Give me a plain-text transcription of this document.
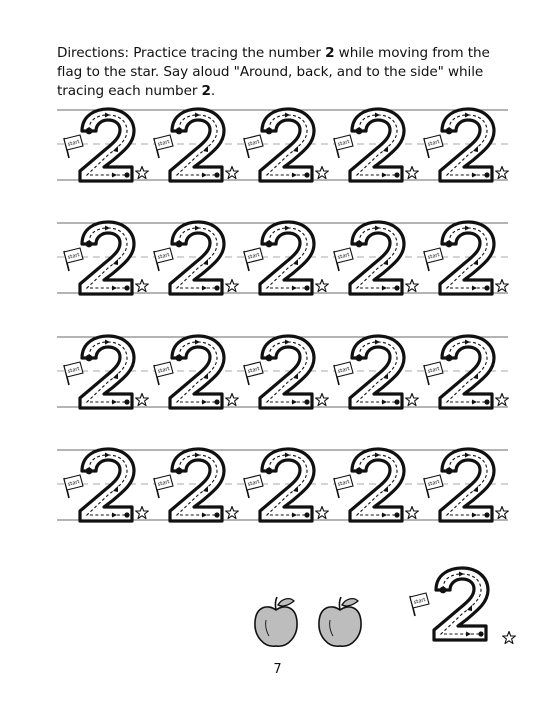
Directions: Practice tracing the number 2 while moving from the flag to the star. Say aloud "Around, back, and to the side" while tracing each number 2.
start
7
